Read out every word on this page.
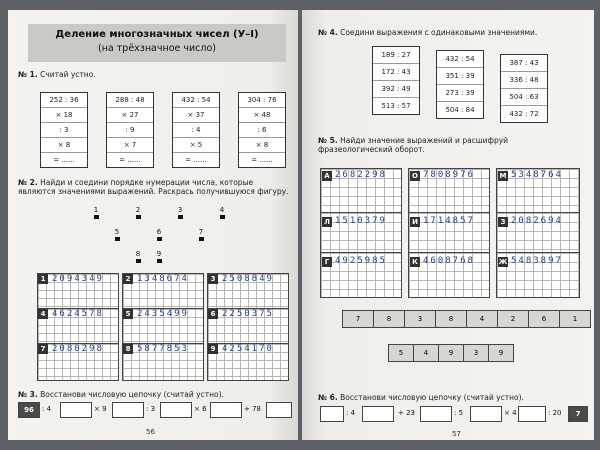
Деление многозначных чисел (У–I)
(на трёхзначное число)
№ 1. Считай устно.
252 : 36
× 18
: 3
× 8
= ......
288 : 48
× 27
: 9
× 7
= ......
432 : 54
× 37
: 4
× 5
= ......
304 : 76
× 48
: 6
× 8
= ......
№ 2. Найди и соедини порядке нумерации числа, которые являются значениями выражений. Раскрась получившуюся фигуру.
1	2	3	4
5	6	7
8	9
1 2094349	2 1348674	3 2508849
4 4624578	5 2435499	6 2250375
7 2080298	8 5877853	9 4254170
№ 3. Восстанови числовую цепочку (считай устно).
96	: 4	× 9	: 3	× 6	+ 78
56
№ 4. Соедини выражения с одинаковыми значениями.
189 : 27
172 : 43
392 : 49
513 : 57
432 : 54
351 : 39
273 : 39
504 : 84
387 : 43
336 : 48
504 : 63
432 : 72
№ 5. Найди значение выражений и расшифруй фразеологический оборот.
А 2682298	О 7808976	М 5348764
Л 1510379	И 1714857	З 2082694
Г 4925985	К 4608768	Ж 5483897
7	8	3	8	4	2	6	1
5	4	9	3	9
№ 6. Восстанови числовую цепочку (считай устно).
: 4	+ 23	: 5	× 4	: 20	7
57
